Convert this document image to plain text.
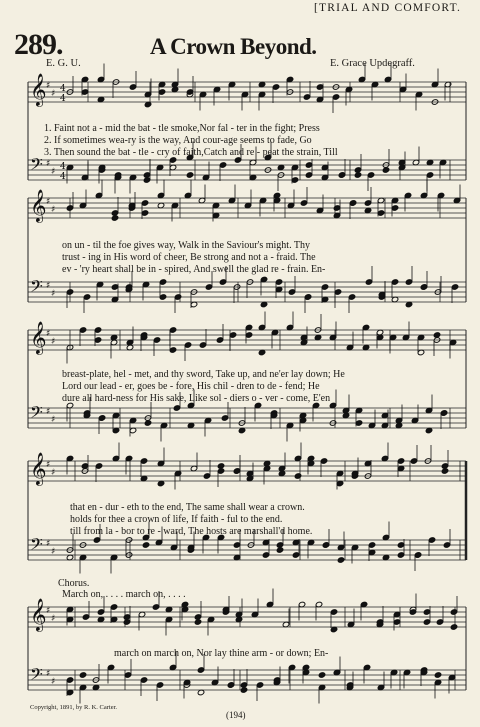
289.	A Crown Beyond.
[TRIAL AND COMFORT.
E. G. U.	E. Grace Updegraff.
𝄞 ♯
♯
𝄢 ♯
♯
𝄞 ♯
♯
𝄢 ♯
♯
𝄞 ♯
♯
𝄢 ♯
♯
𝄞 ♯
♯
𝄢 ♯
♯
𝄞 ♯
♯
𝄢 ♯
♯
4
4
4
4
1. Faint not a - mid the bat - tle smoke,Nor fal - ter in the fight; Press
2. If sometimes wea-ry is the way, And cour-age seems to fade, Go
3. Then sound the bat - tle - cry of faith,Catch and re - peat the strain, Till
on un - til the foe gives way, Walk in the Saviour's might. Thy
trust - ing in His word of cheer, Be strong and not a - fraid. The
ev - 'ry heart shall be in - spired, And swell the glad re - frain. En-
breast-plate, hel - met, and thy sword, Take up, and ne'er lay down; He
Lord our lead - er, goes be - fore, His chil - dren to de - fend; He
dure all hard-ness for His sake, Like sol - diers o - ver - come, E'en
that en - dur - eth to the end, The same shall wear a crown.
holds for thee a crown of life, If faith - ful to the end.
till from la - bor to re - ward, The hosts are marshall'd home.
Chorus.
March on, . . . . march on, . . . .
march on march on, Nor lay thine arm - or down; En-
Copyright, 1891, by R. K. Carter.
(194)
